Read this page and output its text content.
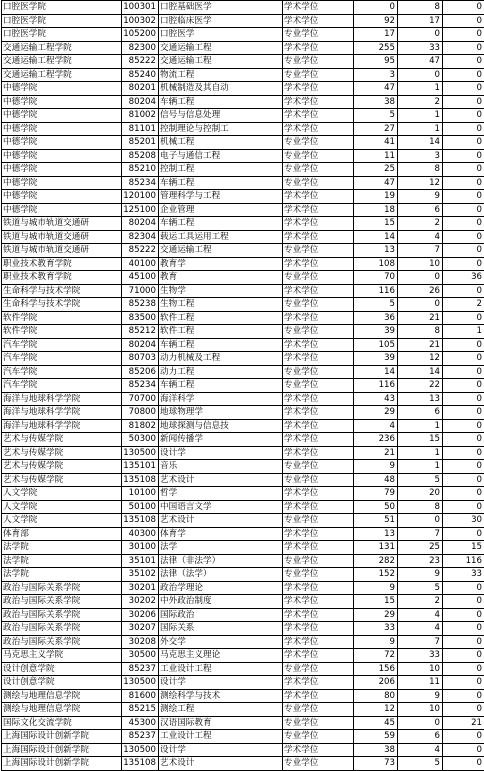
口腔医学院	100301	口腔基础医学	学术学位	0	8	0
口腔医学院	100302	口腔临床医学	学术学位	92	17	0
口腔医学院	105200	口腔医学	专业学位	17	0	0
交通运输工程学院	82300	交通运输工程	学术学位	255	33	0
交通运输工程学院	85222	交通运输工程	专业学位	95	47	0
交通运输工程学院	85240	物流工程	专业学位	3	0	0
中德学院	80201	机械制造及其自动	学术学位	47	1	0
中德学院	80204	车辆工程	学术学位	38	2	0
中德学院	81002	信号与信息处理	学术学位	5	1	0
中德学院	81101	控制理论与控制工	学术学位	27	1	0
中德学院	85201	机械工程	专业学位	41	14	0
中德学院	85208	电子与通信工程	专业学位	11	3	0
中德学院	85210	控制工程	专业学位	25	8	0
中德学院	85234	车辆工程	专业学位	47	12	0
中德学院	120100	管理科学与工程	学术学位	19	9	0
中德学院	125100	企业管理	学术学位	18	6	0
铁道与城市轨道交通研	80204	车辆工程	学术学位	15	2	0
铁道与城市轨道交通研	82304	载运工具运用工程	学术学位	14	4	0
铁道与城市轨道交通研	85222	交通运输工程	专业学位	13	7	0
职业技术教育学院	40100	教育学	学术学位	108	10	0
职业技术教育学院	45100	教育	专业学位	70	0	36
生命科学与技术学院	71000	生物学	学术学位	116	26	0
生命科学与技术学院	85238	生物工程	专业学位	5	0	2
软件学院	83500	软件工程	学术学位	36	21	0
软件学院	85212	软件工程	专业学位	39	8	1
汽车学院	80204	车辆工程	学术学位	105	21	0
汽车学院	80703	动力机械及工程	学术学位	39	12	0
汽车学院	85206	动力工程	专业学位	14	14	0
汽车学院	85234	车辆工程	专业学位	116	22	0
海洋与地球科学学院	70700	海洋科学	学术学位	43	13	0
海洋与地球科学学院	70800	地球物理学	学术学位	29	6	0
海洋与地球科学学院	81802	地球探测与信息技	学术学位	4	1	0
艺术与传媒学院	50300	新闻传播学	学术学位	236	15	0
艺术与传媒学院	130500	设计学	学术学位	21	1	0
艺术与传媒学院	135101	音乐	专业学位	9	1	0
艺术与传媒学院	135108	艺术设计	专业学位	48	5	0
人文学院	10100	哲学	学术学位	79	20	0
人文学院	50100	中国语言文学	学术学位	50	8	0
人文学院	135108	艺术设计	专业学位	51	0	30
体育部	40300	体育学	学术学位	13	7	0
法学院	30100	法学	学术学位	131	25	15
法学院	35101	法律（非法学）	专业学位	282	23	116
法学院	35102	法律（法学）	专业学位	152	9	33
政治与国际关系学院	30201	政治学理论	学术学位	9	5	0
政治与国际关系学院	30202	中外政治制度	学术学位	15	2	0
政治与国际关系学院	30206	国际政治	学术学位	29	4	0
政治与国际关系学院	30207	国际关系	学术学位	33	4	0
政治与国际关系学院	30208	外交学	学术学位	9	7	0
马克思主义学院	30500	马克思主义理论	学术学位	72	33	0
设计创意学院	85237	工业设计工程	专业学位	156	10	0
设计创意学院	130500	设计学	学术学位	206	11	0
测绘与地理信息学院	81600	测绘科学与技术	学术学位	80	9	0
测绘与地理信息学院	85215	测绘工程	专业学位	12	10	0
国际文化交流学院	45300	汉语国际教育	专业学位	45	0	21
上海国际设计创新学院	85237	工业设计工程	专业学位	59	6	0
上海国际设计创新学院	130500	设计学	学术学位	38	4	0
上海国际设计创新学院	135108	艺术设计	专业学位	73	5	0
